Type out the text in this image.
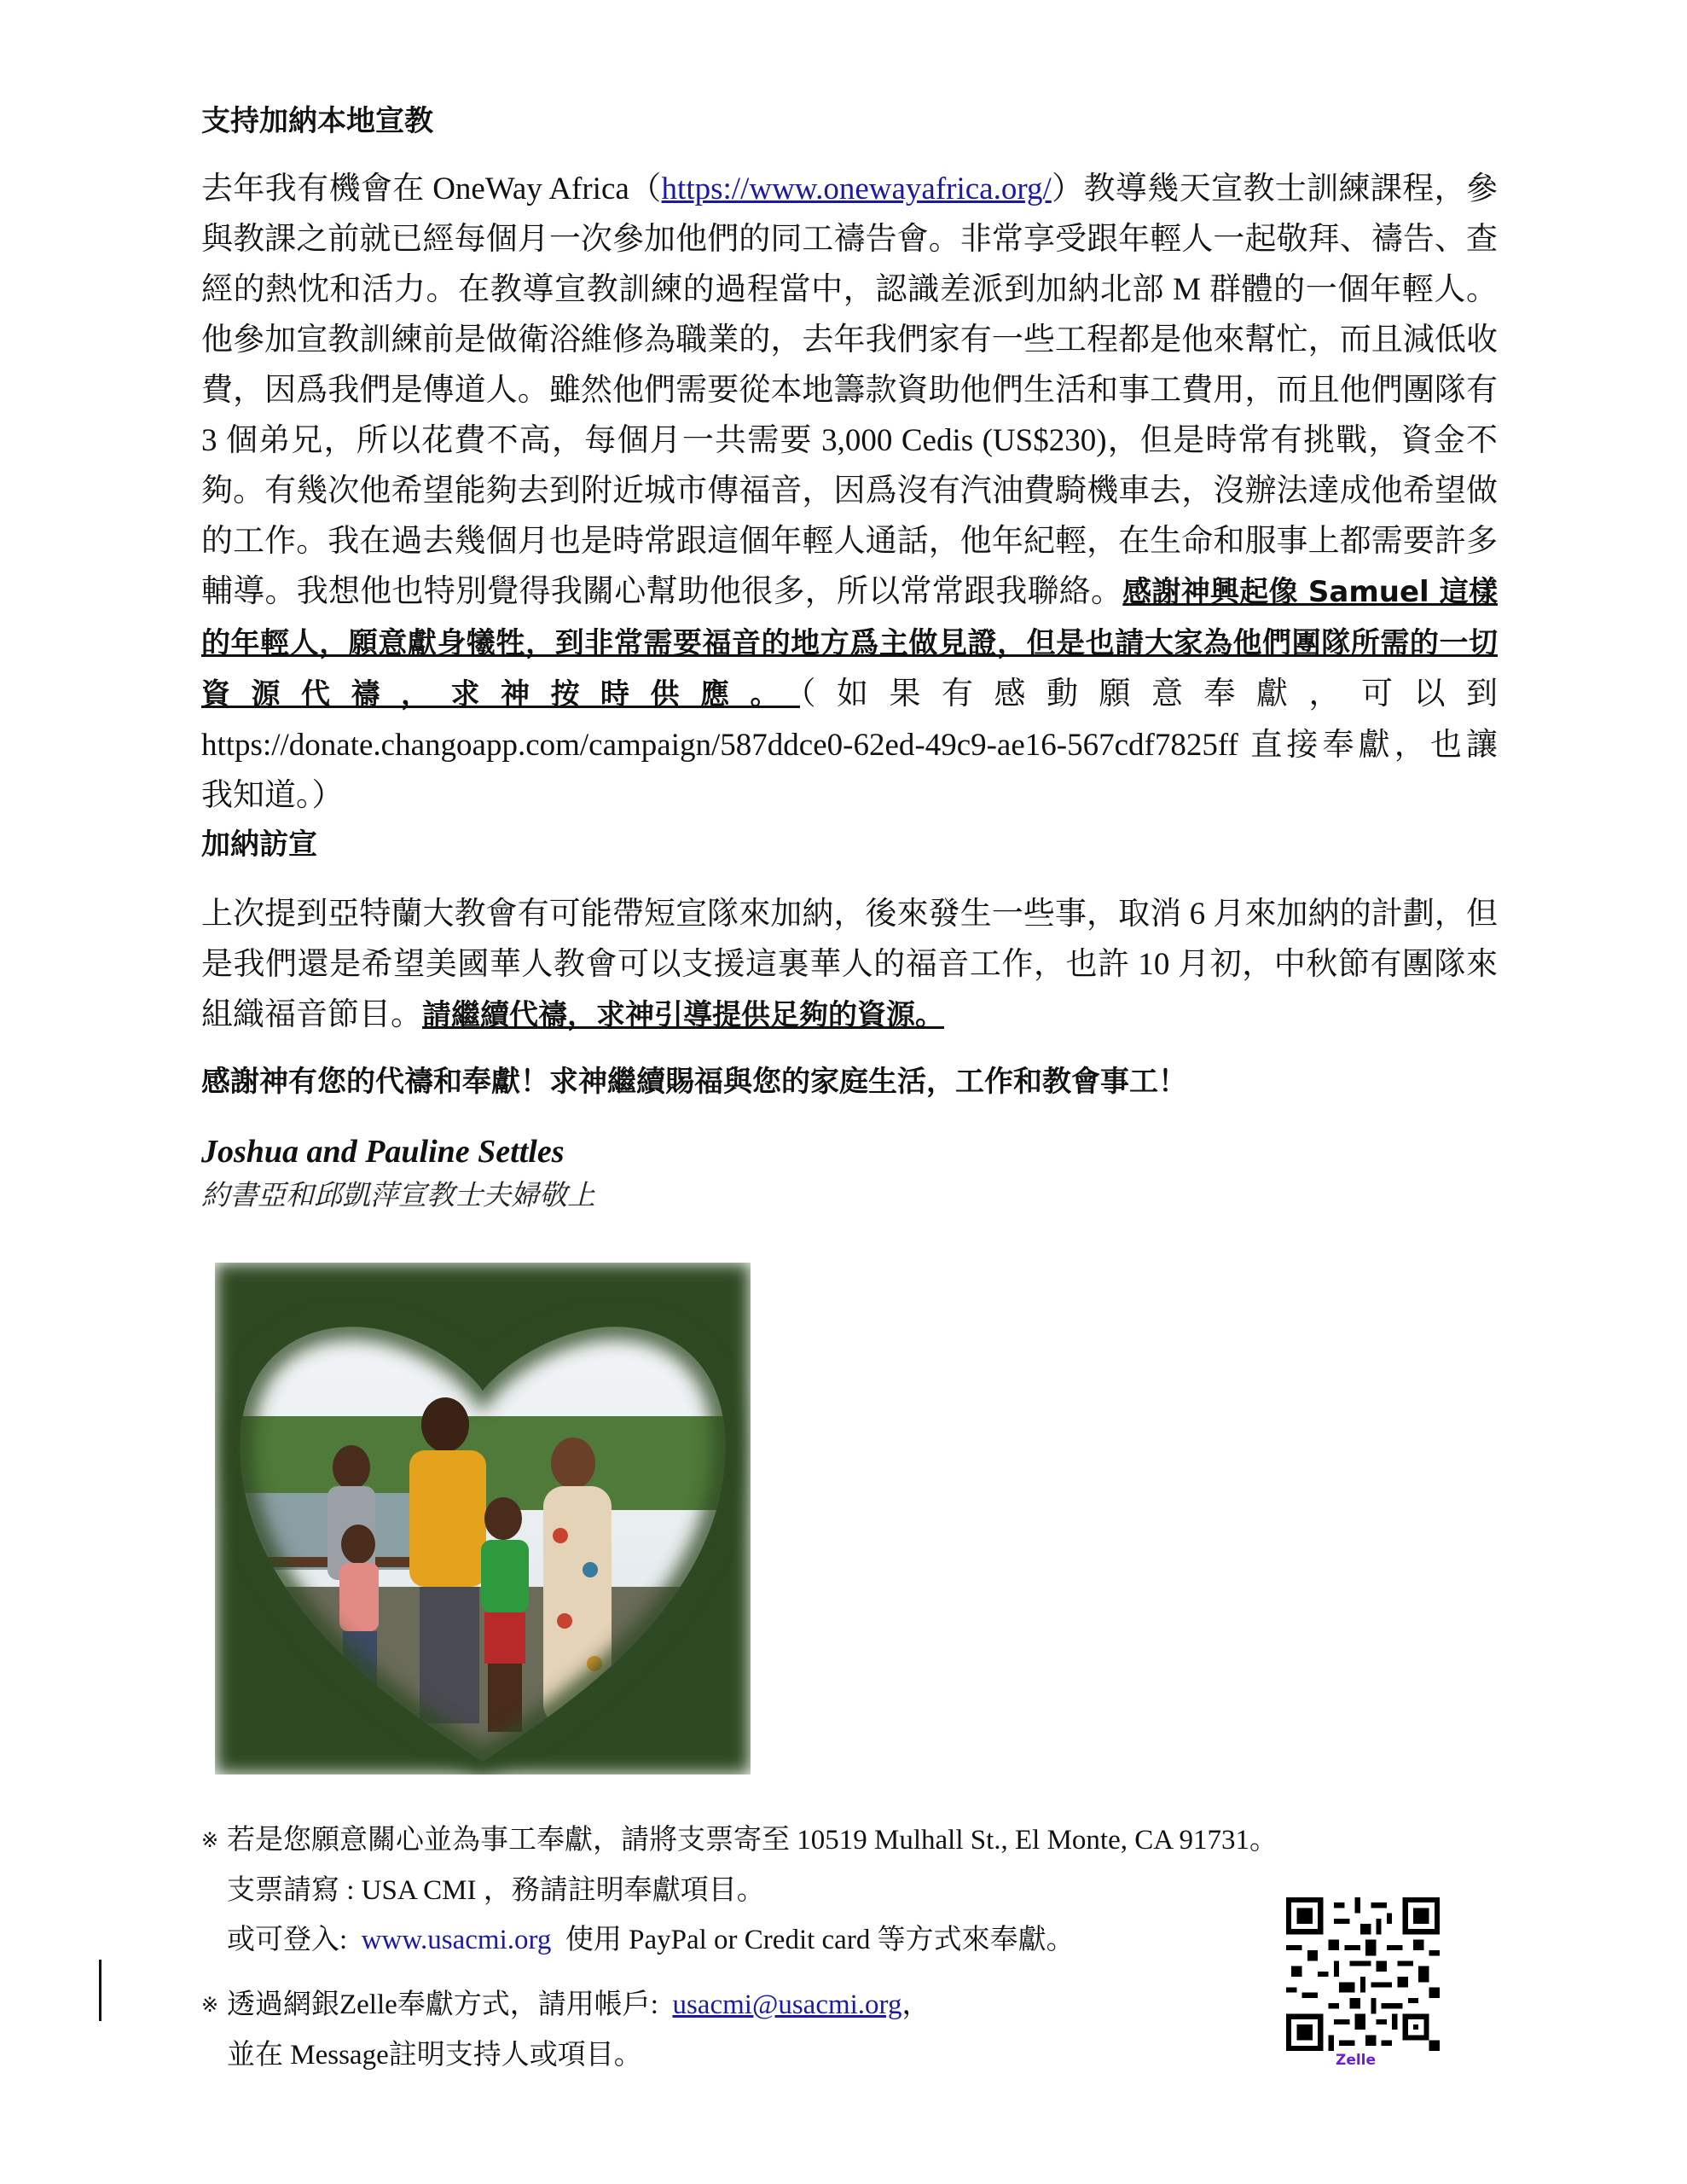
支持加納本地宣教

去年我有機會在 OneWay Africa（https://www.onewayafrica.org/）教導幾天宣教士訓練課程，參與教課之前就已經每個月一次參加他們的同工禱告會。非常享受跟年輕人一起敬拜、禱告、查經的熱忱和活力。在教導宣教訓練的過程當中，認識差派到加納北部 M 群體的一個年輕人。他參加宣教訓練前是做衛浴維修為職業的，去年我們家有一些工程都是他來幫忙，而且減低收費，因爲我們是傳道人。雖然他們需要從本地籌款資助他們生活和事工費用，而且他們團隊有 3 個弟兄，所以花費不高，每個月一共需要 3,000 Cedis (US$230)，但是時常有挑戰，資金不夠。有幾次他希望能夠去到附近城市傳福音，因爲沒有汽油費騎機車去，沒辦法達成他希望做的工作。我在過去幾個月也是時常跟這個年輕人通話，他年紀輕，在生命和服事上都需要許多輔導。我想他也特別覺得我關心幫助他很多，所以常常跟我聯絡。感謝神興起像 Samuel 這樣的年輕人，願意獻身犧牲，到非常需要福音的地方爲主做見證，但是也請大家為他們團隊所需的一切資源代禱，求神按時供應。（如果有感動願意奉獻，可以到 https://donate.changoapp.com/campaign/587ddce0-62ed-49c9-ae16-567cdf7825ff 直接奉獻，也讓我知道。）

加納訪宣

上次提到亞特蘭大教會有可能帶短宣隊來加納，後來發生一些事，取消 6 月來加納的計劃，但是我們還是希望美國華人教會可以支援這裏華人的福音工作，也許 10 月初，中秋節有團隊來組織福音節目。請繼續代禱，求神引導提供足夠的資源。

感謝神有您的代禱和奉獻！求神繼續賜福與您的家庭生活，工作和教會事工！

Joshua and Pauline Settles

約書亞和邱凱萍宣教士夫婦敬上

※ 若是您願意關心並為事工奉獻，請將支票寄至 10519 Mulhall St., El Monte, CA 91731。
支票請寫 : USA CMI ，務請註明奉獻項目。
或可登入: www.usacmi.org 使用 PayPal or Credit card 等方式來奉獻。
※ 透過網銀Zelle奉獻方式，請用帳戶: usacmi@usacmi.org，
並在 Message註明支持人或項目。	Zelle
